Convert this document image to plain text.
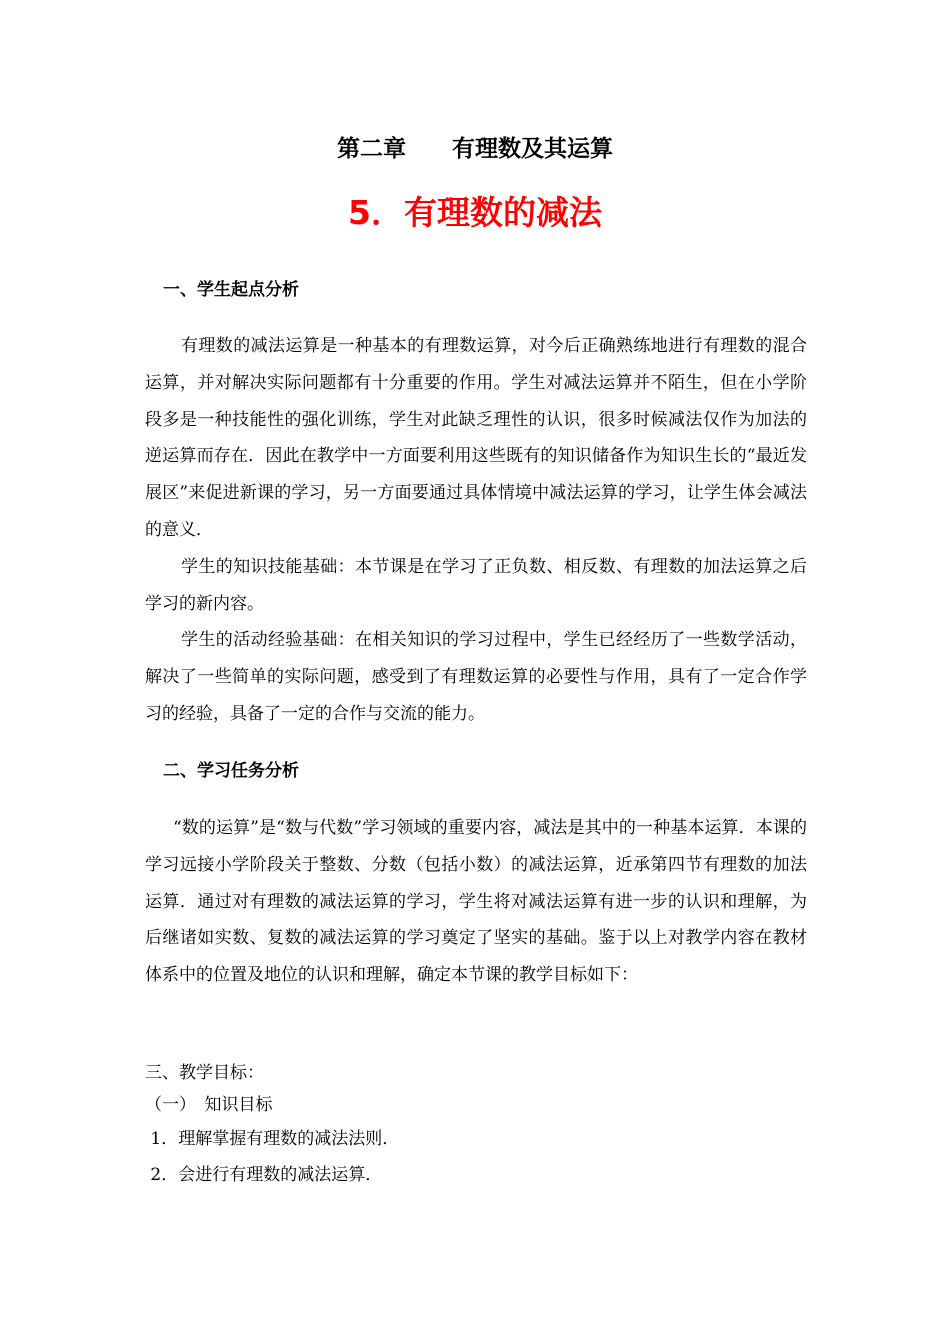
第二章　　有理数及其运算
5．有理数的减法
一、学生起点分析
有理数的减法运算是一种基本的有理数运算，对今后正确熟练地进行有理数的混合运算，并对解决实际问题都有十分重要的作用。学生对减法运算并不陌生，但在小学阶段多是一种技能性的强化训练，学生对此缺乏理性的认识，很多时候减法仅作为加法的逆运算而存在．因此在教学中一方面要利用这些既有的知识储备作为知识生长的“最近发展区”来促进新课的学习，另一方面要通过具体情境中减法运算的学习，让学生体会减法的意义．
学生的知识技能基础：本节课是在学习了正负数、相反数、有理数的加法运算之后学习的新内容。
学生的活动经验基础：在相关知识的学习过程中，学生已经经历了一些数学活动，解决了一些简单的实际问题，感受到了有理数运算的必要性与作用，具有了一定合作学习的经验，具备了一定的合作与交流的能力。
二、学习任务分析
“数的运算”是“数与代数”学习领域的重要内容，减法是其中的一种基本运算．本课的学习远接小学阶段关于整数、分数（包括小数）的减法运算，近承第四节有理数的加法运算．通过对有理数的减法运算的学习，学生将对减法运算有进一步的认识和理解，为后继诸如实数、复数的减法运算的学习奠定了坚实的基础。鉴于以上对教学内容在教材体系中的位置及地位的认识和理解，确定本节课的教学目标如下：
三、教学目标：
（一）　知识目标
1．理解掌握有理数的减法法则．
2．会进行有理数的减法运算．
